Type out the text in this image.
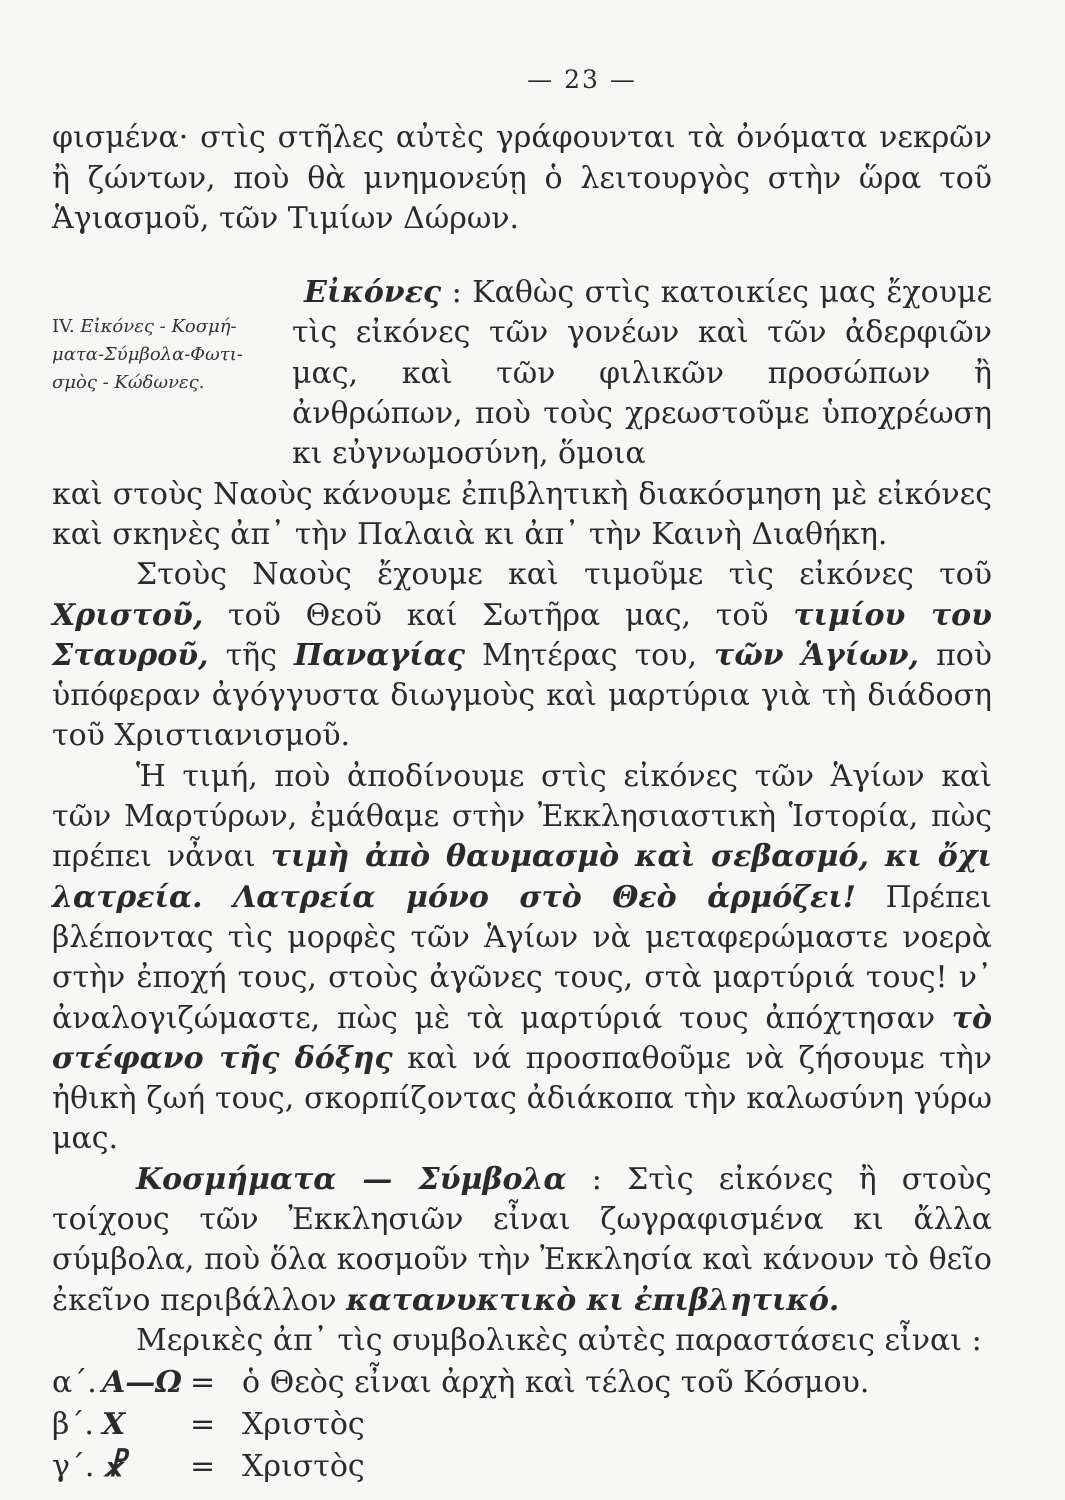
— 23 —

φισμένα· στὶς στῆλες αὐτὲς γράφουνται τὰ ὀνόματα νεκρῶν ἢ ζώντων, ποὺ θὰ μνημονεύῃ ὁ λειτουργὸς στὴν ὥρα τοῦ Ἁγιασμοῦ, τῶν Τιμίων Δώρων.

IV. Εἰκόνες - Κοσμή-ματα-Σύμβολα-Φωτι-σμὸς - Κώδωνες.

Εἰκόνες : Καθὼς στὶς κατοικίες μας ἔχουμε τὶς εἰκόνες τῶν γονέων καὶ τῶν ἀδερφιῶν μας, καὶ τῶν φιλικῶν προσώπων ἢ ἀνθρώπων, ποὺ τοὺς χρεωστοῦμε ὑποχρέωση κι εὐγνωμοσύνη, ὅμοια

καὶ στοὺς Ναοὺς κάνουμε ἐπιβλητικὴ διακόσμηση μὲ εἰκόνες καὶ σκηνὲς ἀπ᾿ τὴν Παλαιὰ κι ἀπ᾿ τὴν Καινὴ Διαθήκη.

Στοὺς Ναοὺς ἔχουμε καὶ τιμοῦμε τὶς εἰκόνες τοῦ Χριστοῦ, τοῦ Θεοῦ καί Σωτῆρα μας, τοῦ τιμίου του Σταυροῦ, τῆς Παναγίας Μητέρας του, τῶν Ἁγίων, ποὺ ὑπόφεραν ἀγόγγυστα διωγμοὺς καὶ μαρτύρια γιὰ τὴ διάδοση τοῦ Χριστιανισμοῦ.

Ἡ τιμή, ποὺ ἀποδίνουμε στὶς εἰκόνες τῶν Ἁγίων καὶ τῶν Μαρτύρων, ἐμάθαμε στὴν Ἐκκλησιαστικὴ Ἱστορία, πὼς πρέπει νἆναι τιμὴ ἀπὸ θαυμασμὸ καὶ σεβασμό, κι ὄχι λατρεία. Λατρεία μόνο στὸ Θεὸ ἁρμόζει! Πρέπει βλέποντας τὶς μορφὲς τῶν Ἁγίων νὰ μεταφερώμαστε νοερὰ στὴν ἐποχή τους, στοὺς ἀγῶνες τους, στὰ μαρτύριά τους! ν᾿ ἀναλογιζώμαστε, πὼς μὲ τὰ μαρτύριά τους ἀπόχτησαν τὸ στέφανο τῆς δόξης καὶ νά προσπαθοῦμε νὰ ζήσουμε τὴν ἠθικὴ ζωή τους, σκορπίζοντας ἀδιάκοπα τὴν καλωσύνη γύρω μας.

Κοσμήματα — Σύμβολα : Στὶς εἰκόνες ἢ στοὺς τοίχους τῶν Ἐκκλησιῶν εἶναι ζωγραφισμένα κι ἄλλα σύμβολα, ποὺ ὅλα κοσμοῦν τὴν Ἐκκλησία καὶ κάνουν τὸ θεῖο ἐκεῖνο περιβάλλον κατανυκτικὸ κι ἐπιβλητικό.

Μερικὲς ἀπ᾿ τὶς συμβολικὲς αὐτὲς παραστάσεις εἶναι :

α΄. Α—Ω = ὁ Θεὸς εἶναι ἀρχὴ καὶ τέλος τοῦ Κόσμου.
β΄. Χ	= Χριστὸς
γ΄. ☧	= Χριστὸς
